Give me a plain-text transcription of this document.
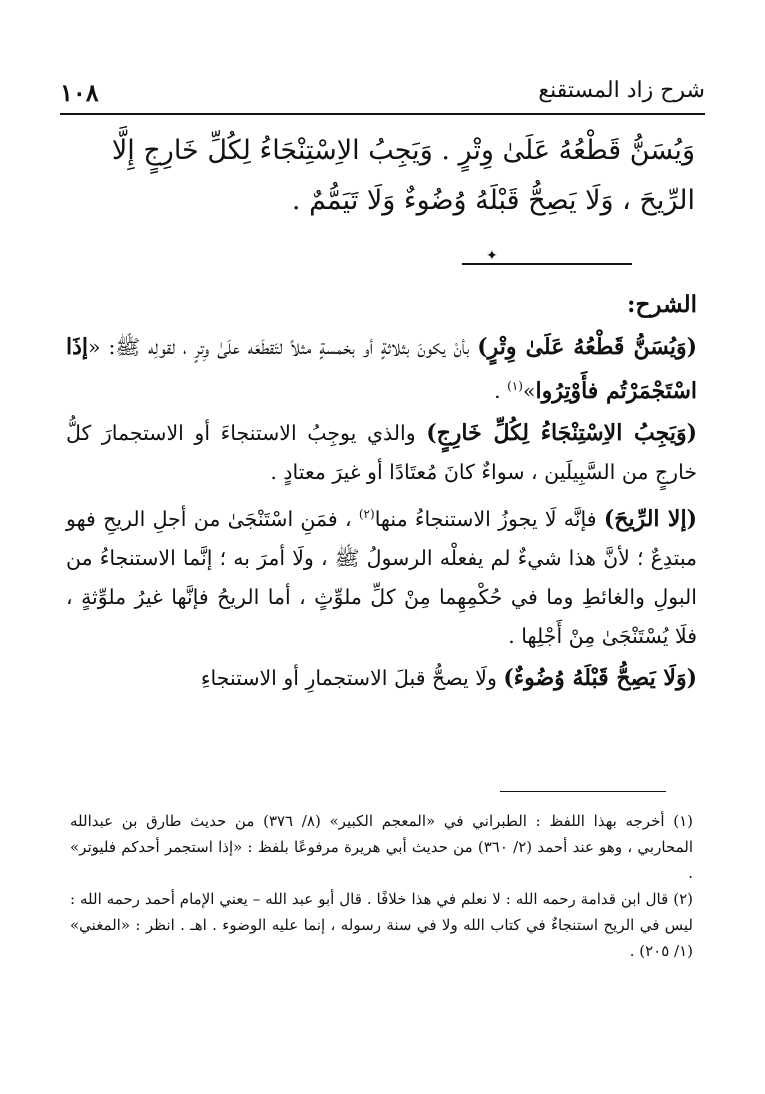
شرح زاد المستقنع
١٠٨

وَيُسَنُّ قَطْعُهُ عَلَىٰ وِتْرٍ . وَيَجِبُ الاِسْتِنْجَاءُ لِكُلِّ خَارِجٍ إِلَّا

الرِّيحَ ، وَلَا يَصِحُّ قَبْلَهُ وُضُوءٌ وَلَا تَيَمُّمٌ .

✦

الشرح:

(وَيُسَنُّ قَطْعُهُ عَلَىٰ وِتْرٍ) بأنْ يكونَ بثلاثةٍ أو بخمسةٍ مثلاً لتَقطَعَه علَىٰ وِترٍ ، لقولِه ﷺ: «إذَا اسْتَجْمَرْتُم فأَوْتِرُوا»$^{(١)}$ .

(وَيَجِبُ الاِسْتِنْجَاءُ لِكُلِّ خَارِجٍ) والذي يوجِبُ الاستنجاءَ أو الاستجمارَ كلُّ خارجٍ من السَّبِيلَين ، سواءٌ كانَ مُعتَادًا أو غيرَ معتادٍ .

(إلا الرِّيحَ) فإنَّه لَا يجوزُ الاستنجاءُ منها$^{(٢)}$ ، فمَنِ اسْتَنْجَىٰ من أجلِ الريحِ فهو مبتدِعٌ ؛ لأنَّ هذا شيءٌ لم يفعلْه الرسولُ ﷺ ، ولَا أمرَ به ؛ إنَّما الاستنجاءُ من البولِ والغائطِ وما في حُكْمِهِما مِنْ كلِّ ملوِّثٍ ، أما الريحُ فإنَّها غيرُ ملوِّثةٍ ، فلَا يُسْتَنْجَىٰ مِنْ أَجْلِها .

(وَلَا يَصِحُّ قَبْلَهُ وُضُوءٌ) ولَا يصحُّ قبلَ الاستجمارِ أو الاستنجاءِ

(١) أخرجه بهذا اللفظ : الطبراني في «المعجم الكبير» (٨/ ٣٧٦) من حديث طارق بن عبدالله المحاربي ، وهو عند أحمد (٢/ ٣٦٠) من حديث أبي هريرة مرفوعًا بلفظ : «إذا استجمر أحدكم فليوتر» .

(٢) قال ابن قدامة رحمه الله : لا نعلم في هذا خلافًا . قال أبو عبد الله – يعني الإمام أحمد رحمه الله : ليس في الريح استنجاءٌ في كتاب الله ولا في سنة رسوله ، إنما عليه الوضوء . اهـ . انظر : «المغني» (١/ ٢٠٥) .
